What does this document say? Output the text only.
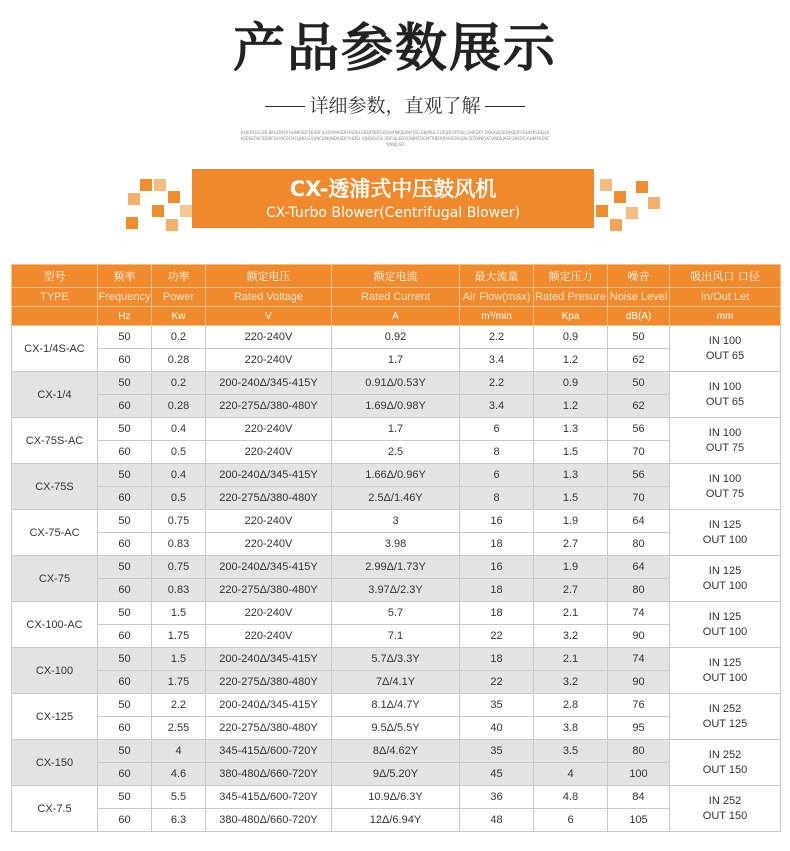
产品参数展示
详细参数，直观了解
DLJKDFJGLDS BAGDMDFGHNKSDFEKSDFJLSDVMASDFHSDVLGBDFNBFSADHJFNKJSDHFDSLDBJMLE.CDRJDFSFPSEJ.GNFDKY DSKAVEJSDNKJEJFSGHIVKSDEJLKASDSEFNC9DI9FDHYIFDCHFLJNDSLSVNCKMVNDASDFYHDSL KJNDKVCH SDFUJLEDSGNJMFDGMTRBEKRAHSDSGJNLSFDVNKJXCVNDKJASFGNKDFJGHMVRDSFYJNKJLSD
CX-透浦式中压鼓风机
CX-Turbo Blower(Centrifugal Blower)
型号	频率	功率	额定电压	额定电流	最大流量	额定压力	噪音	吸出风口 口径
TYPE	Frequency	Power	Rated Voltage	Rated Current	Air Flow(max)	Rated Presure	Noise Level	In/Out Let
	Hz	Kw	V	A	m³/min	Kpa	dB(A)	mm
CX-1/4S-AC	50	0.2	220-240V	0.92	2.2	0.9	50	IN 100
OUT 65

	60	0.28	220-240V	1.7	3.4	1.2	62	
CX-1/4	50	0.2	200-240Δ/345-415Y	0.91Δ/0.53Y	2.2	0.9	50	IN 100
OUT 65

	60	0.28	220-275Δ/380-480Y	1.69Δ/0.98Y	3.4	1.2	62	
CX-75S-AC	50	0.4	220-240V	1.7	6	1.3	56	IN 100
OUT 75

	60	0.5	220-240V	2.5	8	1.5	70	
CX-75S	50	0.4	200-240Δ/345-415Y	1.66Δ/0.96Y	6	1.3	56	IN 100
OUT 75

	60	0.5	220-275Δ/380-480Y	2.5Δ/1.46Y	8	1.5	70	
CX-75-AC	50	0.75	220-240V	3	16	1.9	64	IN 125
OUT 100

	60	0.83	220-240V	3.98	18	2.7	80	
CX-75	50	0.75	200-240Δ/345-415Y	2.99Δ/1.73Y	16	1.9	64	IN 125
OUT 100

	60	0.83	220-275Δ/380-480Y	3.97Δ/2.3Y	18	2.7	80	
CX-100-AC	50	1.5	220-240V	5.7	18	2.1	74	IN 125
OUT 100

	60	1.75	220-240V	7.1	22	3.2	90	
CX-100	50	1.5	200-240Δ/345-415Y	5.7Δ/3.3Y	18	2.1	74	IN 125
OUT 100

	60	1.75	220-275Δ/380-480Y	7Δ/4.1Y	22	3.2	90	
CX-125	50	2.2	200-240Δ/345-415Y	8.1Δ/4.7Y	35	2.8	76	IN 252
OUT 125

	60	2.55	220-275Δ/380-480Y	9.5Δ/5.5Y	40	3.8	95	
CX-150	50	4	345-415Δ/600-720Y	8Δ/4.62Y	35	3.5	80	IN 252
OUT 150

	60	4.6	380-480Δ/660-720Y	9Δ/5.20Y	45	4	100	
CX-7.5	50	5.5	345-415Δ/600-720Y	10.9Δ/6.3Y	36	4.8	84	IN 252
OUT 150

	60	6.3	380-480Δ/660-720Y	12Δ/6.94Y	48	6	105	
